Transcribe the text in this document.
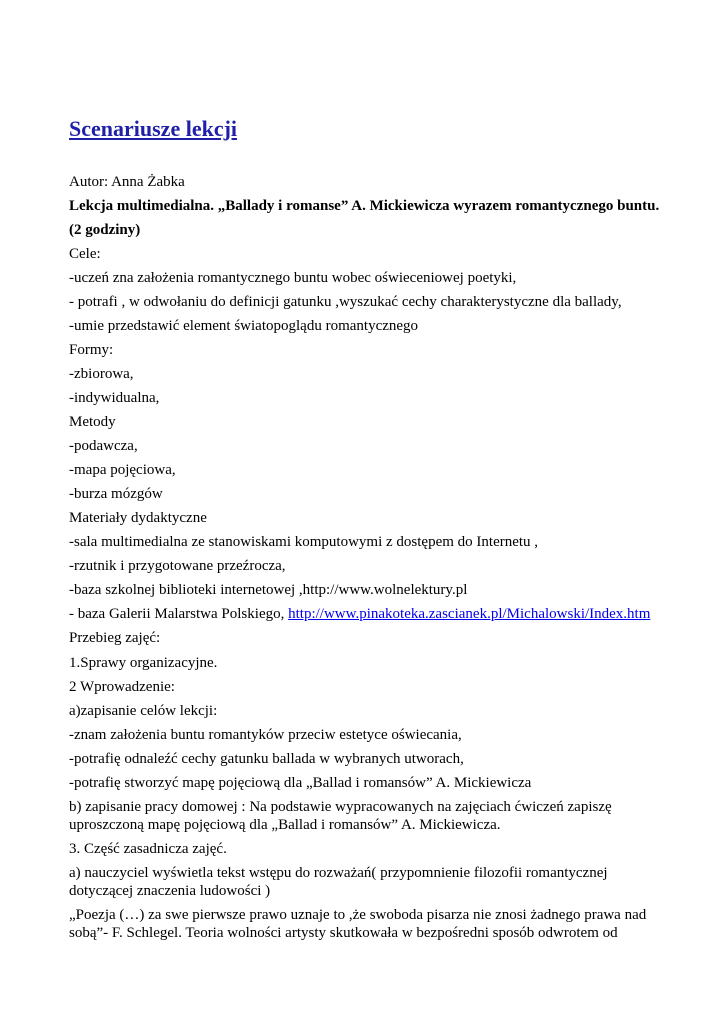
Scenariusze lekcji
Autor: Anna Żabka
Lekcja multimedialna. „Ballady i romanse” A. Mickiewicza wyrazem romantycznego buntu.
(2 godziny)
Cele:
-uczeń zna założenia romantycznego buntu wobec oświeceniowej poetyki,
- potrafi , w odwołaniu do definicji gatunku ,wyszukać cechy charakterystyczne dla ballady,
-umie przedstawić element światopoglądu romantycznego
Formy:
-zbiorowa,
-indywidualna,
Metody
-podawcza,
-mapa pojęciowa,
-burza mózgów
Materiały dydaktyczne
-sala multimedialna ze stanowiskami komputowymi z dostępem do Internetu ,
-rzutnik i przygotowane przeźrocza,
-baza szkolnej biblioteki internetowej ,http://www.wolnelektury.pl
- baza Galerii Malarstwa Polskiego, http://www.pinakoteka.zascianek.pl/Michalowski/Index.htm
Przebieg zajęć:
1.Sprawy organizacyjne.
2 Wprowadzenie:
a)zapisanie celów lekcji:
-znam założenia buntu romantyków przeciw estetyce oświecania,
-potrafię odnaleźć cechy gatunku ballada w wybranych utworach,
-potrafię stworzyć mapę pojęciową dla „Ballad i romansów” A. Mickiewicza
b) zapisanie pracy domowej : Na podstawie wypracowanych na zajęciach ćwiczeń zapiszę
uproszczoną mapę pojęciową dla „Ballad i romansów” A. Mickiewicza.
3. Część zasadnicza zajęć.
a) nauczyciel wyświetla tekst wstępu do rozważań( przypomnienie filozofii romantycznej
dotyczącej znaczenia ludowości )
„Poezja (…) za swe pierwsze prawo uznaje to ,że swoboda pisarza nie znosi żadnego prawa nad
sobą”- F. Schlegel. Teoria wolności artysty skutkowała w bezpośredni sposób odwrotem od
